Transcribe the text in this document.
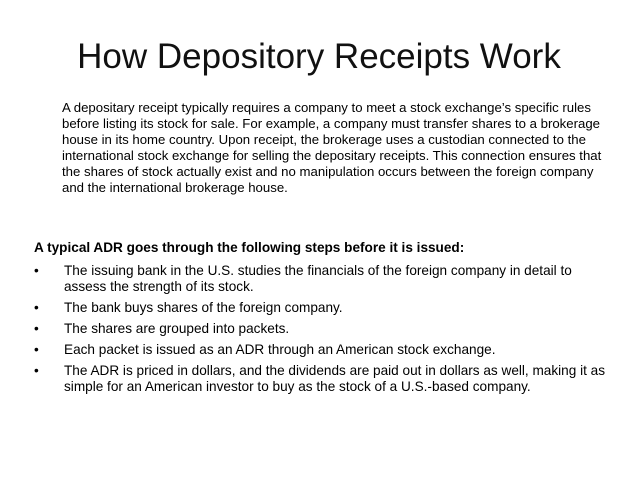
How Depository Receipts Work

A depositary receipt typically requires a company to meet a stock exchange’s specific rules before listing its stock for sale. For example, a company must transfer shares to a brokerage house in its home country. Upon receipt, the brokerage uses a custodian connected to the international stock exchange for selling the depositary receipts. This connection ensures that the shares of stock actually exist and no manipulation occurs between the foreign company and the international brokerage house.

A typical ADR goes through the following steps before it is issued:

•	The issuing bank in the U.S. studies the financials of the foreign company in detail to assess the strength of its stock.
•	The bank buys shares of the foreign company.
•	The shares are grouped into packets.
•	Each packet is issued as an ADR through an American stock exchange.
•	The ADR is priced in dollars, and the dividends are paid out in dollars as well, making it as simple for an American investor to buy as the stock of a U.S.-based company.
